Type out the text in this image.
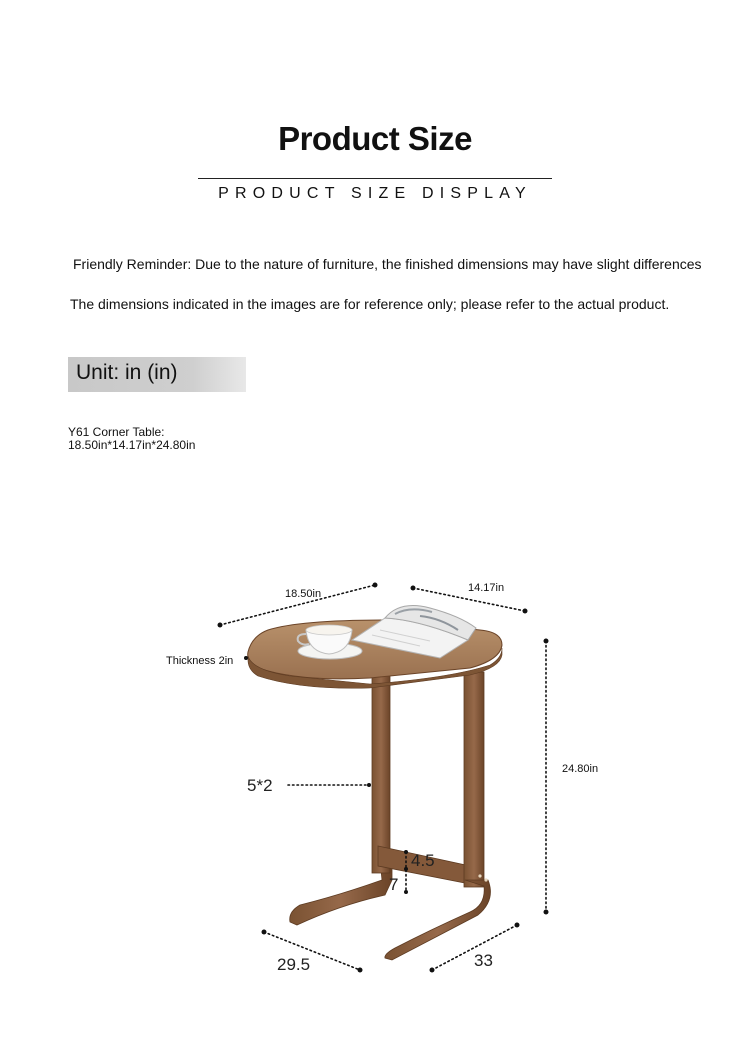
Product Size
PRODUCT SIZE DISPLAY
Friendly Reminder: Due to the nature of furniture, the finished dimensions may have slight differences
The dimensions indicated in the images are for reference only; please refer to the actual product.
Unit: in (in)
Y61 Corner Table:
18.50in*14.17in*24.80in
18.50in	14.17in
24.80in
Thickness 2in
5*2
4.5
7
29.5	33
